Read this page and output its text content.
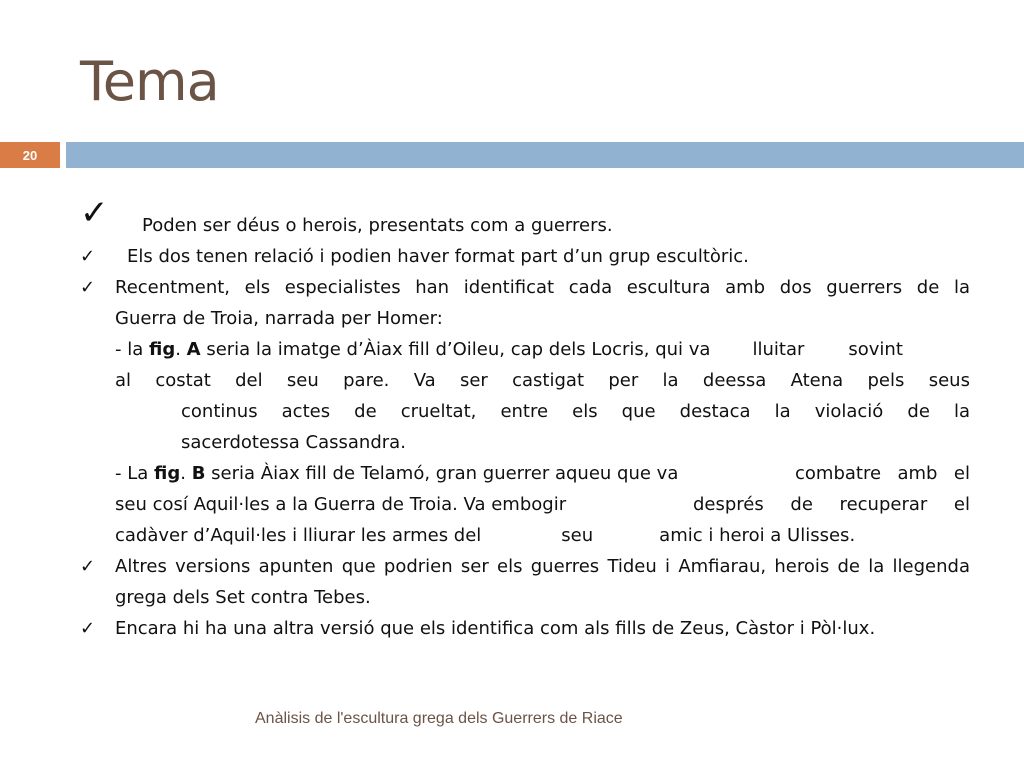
Tema
20
✓ Poden ser déus o herois, presentats com a guerrers.
✓ Els dos tenen relació i podien haver format part d’un grup escultòric.
✓ Recentment, els especialistes han identificat cada escultura amb dos guerrers de la
Guerra de Troia, narrada per Homer:
- la fig. A seria la imatge d’Àiax fill d’Oileu, cap dels Locris, qui va lluitar sovint
al costat del seu pare. Va ser castigat per la deessa Atena pels seus
continus actes de crueltat, entre els que destaca la violació de la
sacerdotessa Cassandra.
- La fig. B seria Àiax fill de Telamó, gran guerrer aqueu que va	combatre amb el
seu cosí Aquil·les a la Guerra de Troia. Va embogir	després de recuperar el
cadàver d’Aquil·les i lliurar les armes del	seu	amic i heroi a Ulisses.
✓ Altres versions apunten que podrien ser els guerres Tideu i Amfiarau, herois de la llegenda grega dels Set contra Tebes.
✓ Encara hi ha una altra versió que els identifica com als fills de Zeus, Càstor i Pòl·lux.
Anàlisis de l'escultura grega dels Guerrers de Riace
